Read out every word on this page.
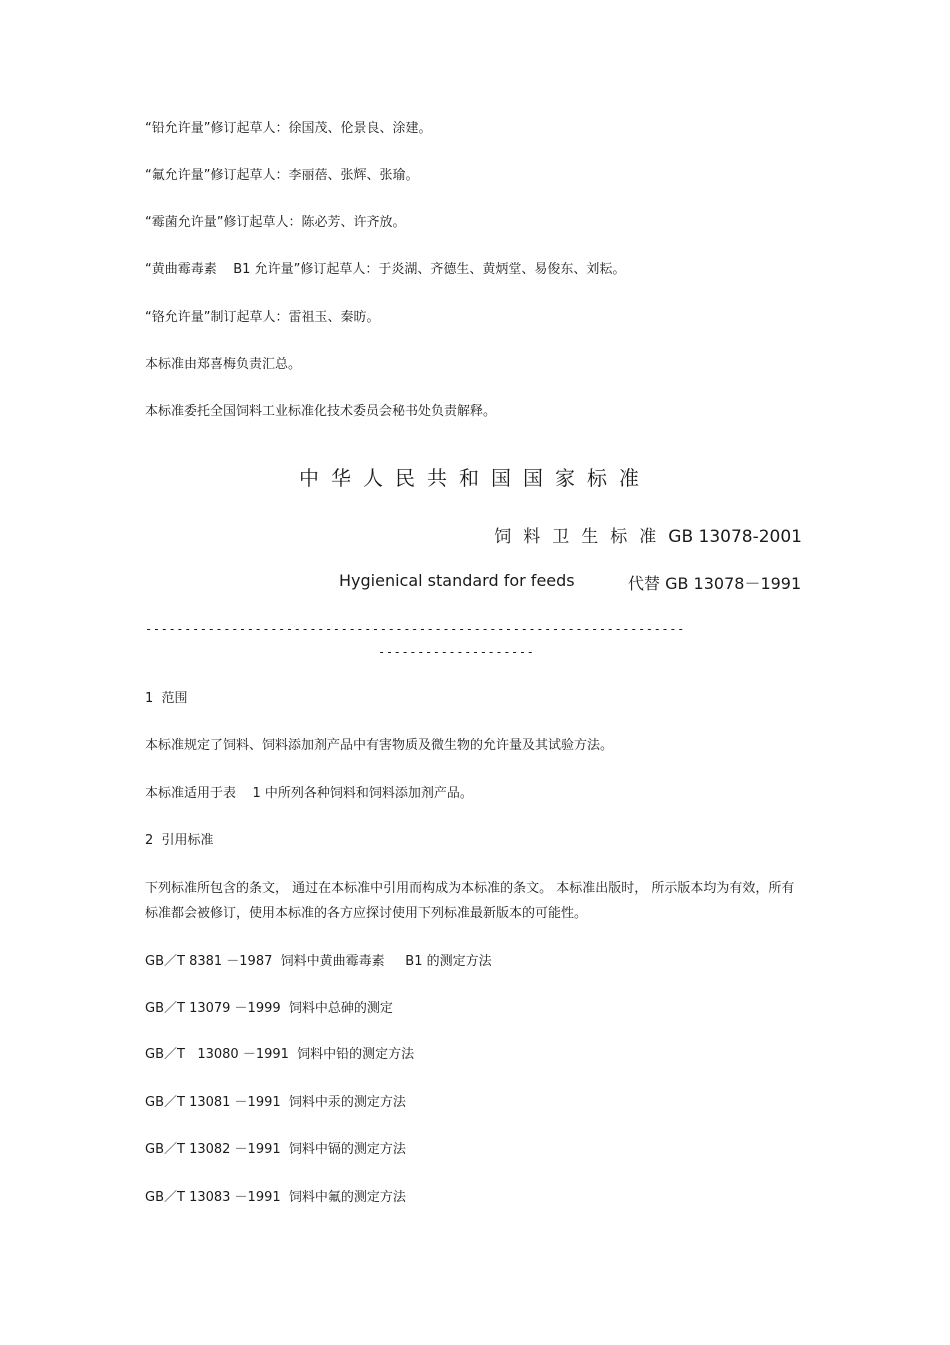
“铅允许量”修订起草人：徐国茂、伦景良、涂建。
“氟允许量”修订起草人：李丽蓓、张辉、张瑜。
“霉菌允许量”修订起草人：陈必芳、许齐放。
“黄曲霉毒素    B1 允许量”修订起草人：于炎湖、齐德生、黄炳堂、易俊东、刘耘。
“铬允许量”制订起草人：雷祖玉、秦昉。
本标准由郑喜梅负责汇总。
本标准委托全国饲料工业标准化技术委员会秘书处负责解释。
中华人民共和国国家标准
饲料卫生标准GB 13078-2001
Hygienical standard for feeds	代替 GB 13078－1991
---------------------------------------------------------------------
--------------------
1  范围
本标准规定了饲料、饲料添加剂产品中有害物质及微生物的允许量及其试验方法。
本标准适用于表    1 中所列各种饲料和饲料添加剂产品。
2  引用标准
下列标准所包含的条文， 通过在本标准中引用而构成为本标准的条文。 本标准出版时， 所示版本均为有效，所有标准都会被修订，使用本标准的各方应探讨使用下列标准最新版本的可能性。
GB／T 8381 －1987  饲料中黄曲霉毒素     B1 的测定方法
GB／T 13079 －1999  饲料中总砷的测定
GB／T   13080 －1991  饲料中铅的测定方法
GB／T 13081 －1991  饲料中汞的测定方法
GB／T 13082 －1991  饲料中镉的测定方法
GB／T 13083 －1991  饲料中氟的测定方法
